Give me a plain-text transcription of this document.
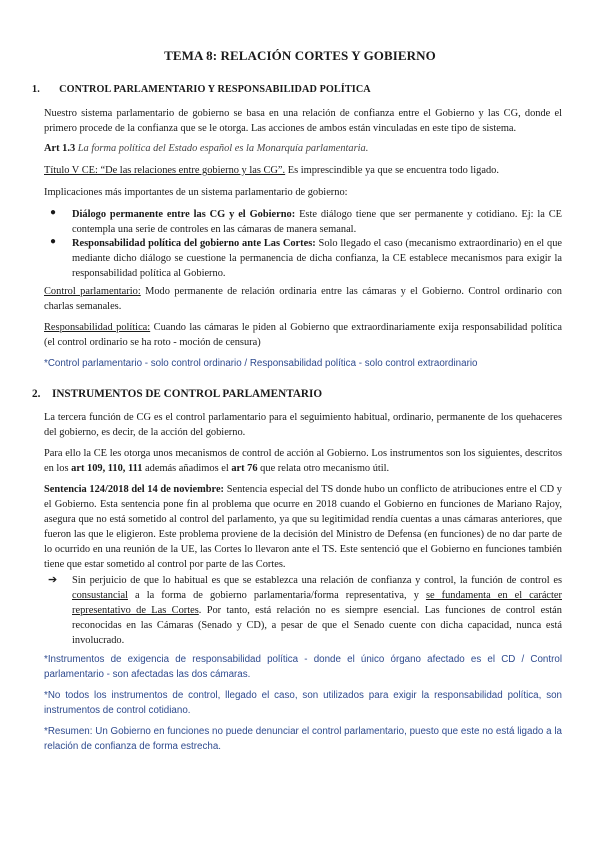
TEMA 8: RELACIÓN CORTES Y GOBIERNO
1. CONTROL PARLAMENTARIO Y RESPONSABILIDAD POLÍTICA
Nuestro sistema parlamentario de gobierno se basa en una relación de confianza entre el Gobierno y las CG, donde el primero procede de la confianza que se le otorga. Las acciones de ambos están vinculadas en este tipo de sistema.
Art 1.3 La forma política del Estado español es la Monarquía parlamentaria.
Título V CE: “De las relaciones entre gobierno y las CG”. Es imprescindible ya que se encuentra todo ligado.
Implicaciones más importantes de un sistema parlamentario de gobierno:
● Diálogo permanente entre las CG y el Gobierno: Este diálogo tiene que ser permanente y cotidiano. Ej: la CE contempla una serie de controles en las cámaras de manera semanal.
● Responsabilidad política del gobierno ante Las Cortes: Solo llegado el caso (mecanismo extraordinario) en el que mediante dicho diálogo se cuestione la permanencia de dicha confianza, la CE establece mecanismos para exigir la responsabilidad política al Gobierno.
Control parlamentario: Modo permanente de relación ordinaria entre las cámaras y el Gobierno. Control ordinario con charlas semanales.
Responsabilidad política: Cuando las cámaras le piden al Gobierno que extraordinariamente exija responsabilidad política (el control ordinario se ha roto - moción de censura)
*Control parlamentario - solo control ordinario / Responsabilidad política - solo control extraordinario
2. INSTRUMENTOS DE CONTROL PARLAMENTARIO
La tercera función de CG es el control parlamentario para el seguimiento habitual, ordinario, permanente de los quehaceres del gobierno, es decir, de la acción del gobierno.
Para ello la CE les otorga unos mecanismos de control de acción al Gobierno. Los instrumentos son los siguientes, descritos en los art 109, 110, 111 además añadimos el art 76 que relata otro mecanismo útil.
Sentencia 124/2018 del 14 de noviembre: Sentencia especial del TS donde hubo un conflicto de atribuciones entre el CD y el Gobierno. Esta sentencia pone fin al problema que ocurre en 2018 cuando el Gobierno en funciones de Mariano Rajoy, asegura que no está sometido al control del parlamento, ya que su legitimidad rendía cuentas a unas cámaras anteriores, que fueron las que le eligieron. Este problema proviene de la decisión del Ministro de Defensa (en funciones) de no dar parte de lo ocurrido en una reunión de la UE, las Cortes lo llevaron ante el TS. Este sentenció que el Gobierno en funciones también tiene que estar sometido al control por parte de las Cortes.
➔ Sin perjuicio de que lo habitual es que se establezca una relación de confianza y control, la función de control es consustancial a la forma de gobierno parlamentaria/forma representativa, y se fundamenta en el carácter representativo de Las Cortes. Por tanto, está relación no es siempre esencial. Las funciones de control están reconocidas en las Cámaras (Senado y CD), a pesar de que el Senado cuente con dicha capacidad, nunca está involucrado.
*Instrumentos de exigencia de responsabilidad política - donde el único órgano afectado es el CD / Control parlamentario - son afectadas las dos cámaras.
*No todos los instrumentos de control, llegado el caso, son utilizados para exigir la responsabilidad política, son instrumentos de control cotidiano.
*Resumen: Un Gobierno en funciones no puede denunciar el control parlamentario, puesto que este no está ligado a la relación de confianza de forma estrecha.
